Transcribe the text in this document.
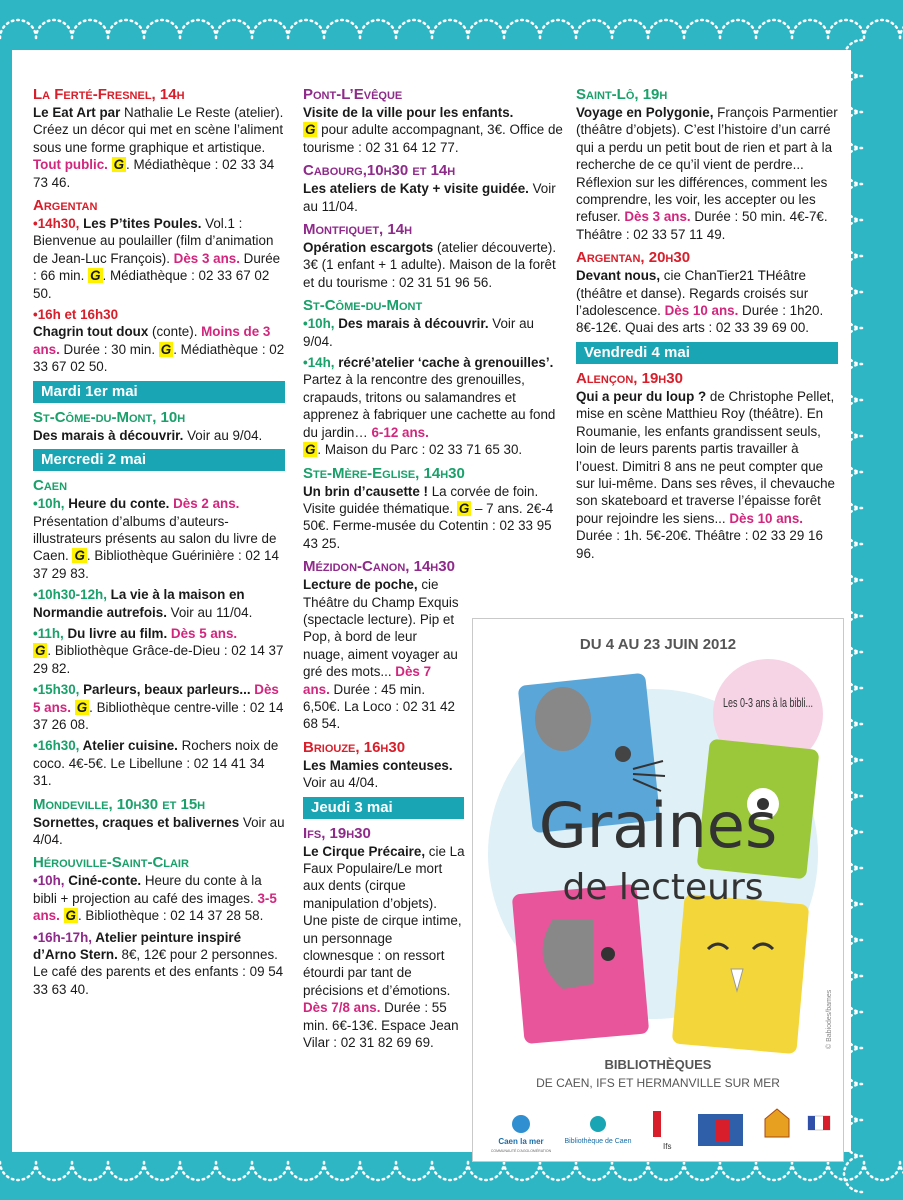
La Ferté-Fresnel, 14h

Le Eat Art par Nathalie Le Reste (atelier). Créez un décor qui met en scène l’aliment sous une forme graphique et artistique. Tout public. G . Médiathèque : 02 33 34 73 46.

Argentan

•14h30, Les P’tites Poules. Vol.1 : Bienvenue au poulailler (film d’animation de Jean-Luc François). Dès 3 ans. Durée : 66 min. G . Médiathèque : 02 33 67 02 50.

•16h et 16h30
Chagrin tout doux (conte). Moins de 3 ans. Durée : 30 min. G . Médiathèque : 02 33 67 02 50.

Mardi 1er mai
St-Côme-du-Mont, 10h

Des marais à découvrir. Voir au 9/04.

Mercredi 2 mai
Caen

•10h, Heure du conte. Dès 2 ans. Présentation d’albums d’auteurs-illustrateurs présents au salon du livre de Caen. G . Bibliothèque Guérinière : 02 14 37 29 83.

•10h30-12h, La vie à la maison en Normandie autrefois. Voir au 11/04.

•11h, Du livre au film. Dès 5 ans.
G . Bibliothèque Grâce-de-Dieu : 02 14 37 29 82.

•15h30, Parleurs, beaux parleurs... Dès 5 ans. G . Bibliothèque centre-ville : 02 14 37 26 08.

•16h30, Atelier cuisine. Rochers noix de coco. 4€-5€. Le Libellune : 02 14 41 34 31.

Mondeville, 10h30 et 15h

Sornettes, craques et balivernes Voir au 4/04.

Hérouville-Saint-Clair

•10h, Ciné-conte. Heure du conte à la bibli + projection au café des images. 3-5 ans. G . Bibliothèque : 02 14 37 28 58.

•16h-17h, Atelier peinture inspiré d’Arno Stern. 8€, 12€ pour 2 personnes. Le café des parents et des enfants : 09 54 33 63 40.

Pont-L’Evêque

Visite de la ville pour les enfants.
G pour adulte accompagnant, 3€. Office de tourisme : 02 31 64 12 77.

Cabourg,10h30 et 14h

Les ateliers de Katy + visite guidée. Voir au 11/04.

Montfiquet, 14h

Opération escargots (atelier découverte). 3€ (1 enfant + 1 adulte). Maison de la forêt et du tourisme : 02 31 51 96 56.

St-Côme-du-Mont

•10h, Des marais à découvrir. Voir au 9/04.

•14h, récré’atelier ‘cache à grenouilles’. Partez à la rencontre des grenouilles, crapauds, tritons ou salamandres et apprenez à fabriquer une cachette au fond du jardin… 6-12 ans.
G . Maison du Parc : 02 33 71 65 30.

Ste-Mère-Eglise, 14h30

Un brin d’causette ! La corvée de foin. Visite guidée thématique. G – 7 ans. 2€-4 50€. Ferme-musée du Cotentin : 02 33 95 43 25.

Mézidon-Canon, 14h30

Lecture de poche, cie Théâtre du Champ Exquis (spectacle lecture). Pip et Pop, à bord de leur nuage, aiment voyager au gré des mots... Dès 7 ans. Durée : 45 min. 6,50€. La Loco : 02 31 42 68 54.

Briouze, 16h30

Les Mamies conteuses. Voir au 4/04.

Jeudi 3 mai
Ifs, 19h30

Le Cirque Précaire, cie La Faux Populaire/Le mort aux dents (cirque manipulation d’objets). Une piste de cirque intime, un personnage clownesque : on ressort étourdi par tant de précisions et d’émotions. Dès 7/8 ans. Durée : 55 min. 6€-13€. Espace Jean Vilar : 02 31 82 69 69.

Saint-Lô, 19h

Voyage en Polygonie, François Parmentier (théâtre d’objets). C’est l’histoire d’un carré qui a perdu un petit bout de rien et part à la recherche de ce qu’il vient de perdre... Réflexion sur les différences, comment les comprendre, les voir, les accepter ou les refuser. Dès 3 ans. Durée : 50 min. 4€-7€. Théâtre : 02 33 57 11 49.

Argentan, 20h30

Devant nous, cie ChanTier21 THéâtre (théâtre et danse). Regards croisés sur l’adolescence. Dès 10 ans. Durée : 1h20. 8€-12€. Quai des arts : 02 33 39 69 00.

Vendredi 4 mai
Alençon, 19h30

Qui a peur du loup ? de Christophe Pellet, mise en scène Matthieu Roy (théâtre). En Roumanie, les enfants grandissent seuls, loin de leurs parents partis travailler à l’ouest. Dimitri 8 ans ne peut compter que sur lui-même. Dans ses rêves, il chevauche son skateboard et traverse l’épaisse forêt pour rejoindre les siens... Dès 10 ans. Durée : 1h. 5€-20€. Théâtre : 02 33 29 16 96.

DU 4 AU 23 JUIN 2012
Les 0-3 ans à la bibli...
Graines
de lecteurs
BIBLIOTHÈQUES
DE CAEN, IFS ET HERMANVILLE SUR MER
© Babiodes/bames
Caen la mer
COMMUNAUTÉ D'AGGLOMÉRATION
Bibliothèque de Caen
Ifs
